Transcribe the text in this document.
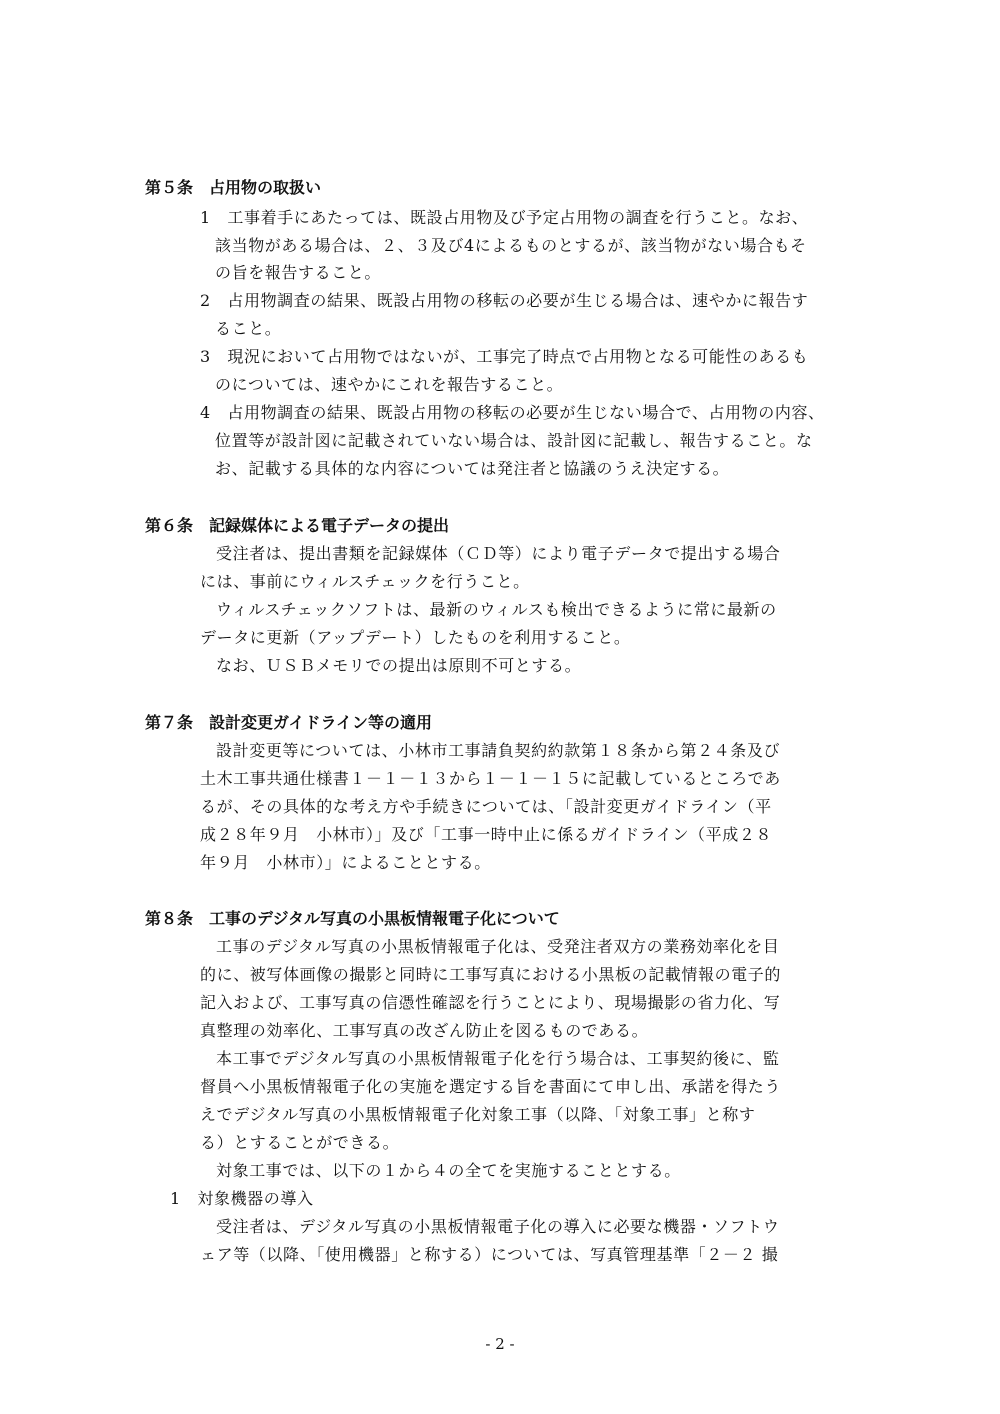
第５条　占用物の取扱い
1　工事着手にあたっては、既設占用物及び予定占用物の調査を行うこと。なお、
該当物がある場合は、２、３及び4によるものとするが、該当物がない場合もそ
の旨を報告すること。
2　占用物調査の結果、既設占用物の移転の必要が生じる場合は、速やかに報告す
ること。
3　現況において占用物ではないが、工事完了時点で占用物となる可能性のあるも
のについては、速やかにこれを報告すること。
4　占用物調査の結果、既設占用物の移転の必要が生じない場合で、占用物の内容、
位置等が設計図に記載されていない場合は、設計図に記載し、報告すること。な
お、記載する具体的な内容については発注者と協議のうえ決定する。
第６条　記録媒体による電子データの提出
受注者は、提出書類を記録媒体（ＣＤ等）により電子データで提出する場合
には、事前にウィルスチェックを行うこと。
ウィルスチェックソフトは、最新のウィルスも検出できるように常に最新の
データに更新（アップデート）したものを利用すること。
なお、ＵＳＢメモリでの提出は原則不可とする。
第７条　設計変更ガイドライン等の適用
設計変更等については、小林市工事請負契約約款第１８条から第２４条及び
土木工事共通仕様書１－１－１３から１－１－１５に記載しているところであ
るが、その具体的な考え方や手続きについては、「設計変更ガイドライン（平
成２８年９月　小林市）」及び「工事一時中止に係るガイドライン（平成２８
年９月　小林市）」によることとする。
第８条　工事のデジタル写真の小黒板情報電子化について
工事のデジタル写真の小黒板情報電子化は、受発注者双方の業務効率化を目
的に、被写体画像の撮影と同時に工事写真における小黒板の記載情報の電子的
記入および、工事写真の信憑性確認を行うことにより、現場撮影の省力化、写
真整理の効率化、工事写真の改ざん防止を図るものである。
本工事でデジタル写真の小黒板情報電子化を行う場合は、工事契約後に、監
督員へ小黒板情報電子化の実施を選定する旨を書面にて申し出、承諾を得たう
えでデジタル写真の小黒板情報電子化対象工事（以降、「対象工事」と称す
る）とすることができる。
対象工事では、以下の１から４の全てを実施することとする。
1　対象機器の導入
受注者は、デジタル写真の小黒板情報電子化の導入に必要な機器・ソフトウ
ェア等（以降、「使用機器」と称する）については、写真管理基準「２－２ 撮
- 2 -
